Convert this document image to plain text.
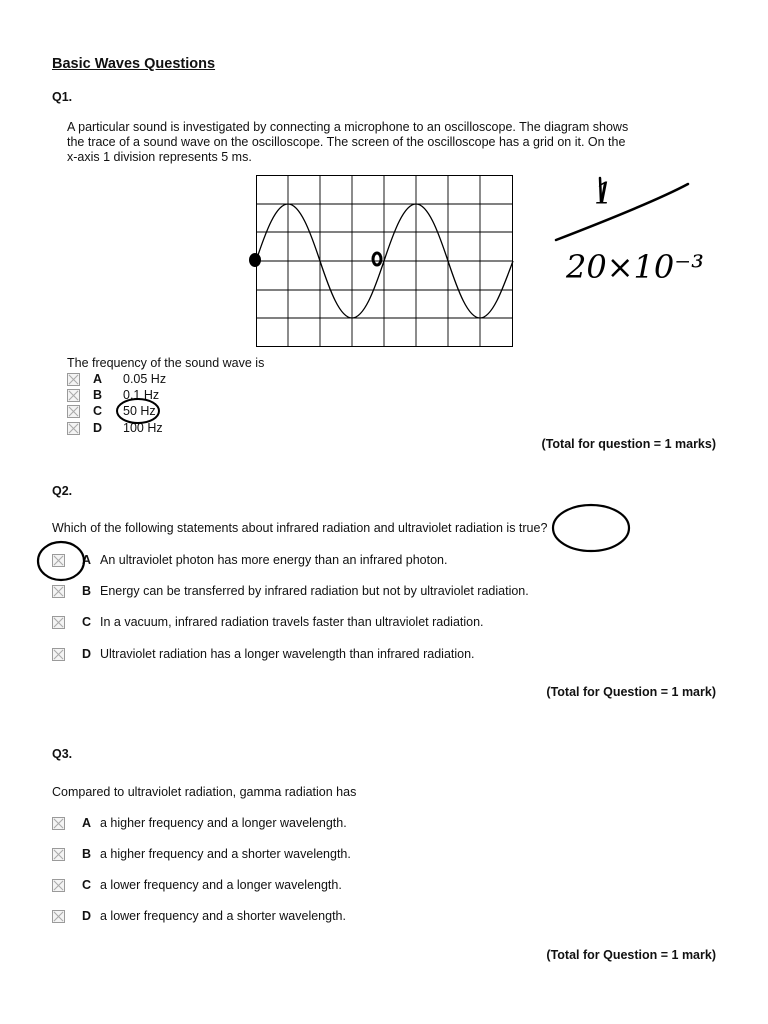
Basic Waves Questions
Q1.
A particular sound is investigated by connecting a microphone to an oscilloscope. The diagram shows
the trace of a sound wave on the oscilloscope. The screen of the oscilloscope has a grid on it. On the
x-axis 1 division represents 5 ms.
20×10⁻³
The frequency of the sound wave is
A	0.05 Hz
B	0.1 Hz
C	50 Hz
D	100 Hz
(Total for question = 1 marks)
Q2.
Which of the following statements about infrared radiation and ultraviolet radiation is true?
A An ultraviolet photon has more energy than an infrared photon.
B Energy can be transferred by infrared radiation but not by ultraviolet radiation.
C In a vacuum, infrared radiation travels faster than ultraviolet radiation.
D Ultraviolet radiation has a longer wavelength than infrared radiation.
(Total for Question = 1 mark)
Q3.
Compared to ultraviolet radiation, gamma radiation has
A a higher frequency and a longer wavelength.
B a higher frequency and a shorter wavelength.
C a lower frequency and a longer wavelength.
D a lower frequency and a shorter wavelength.
(Total for Question = 1 mark)
1
